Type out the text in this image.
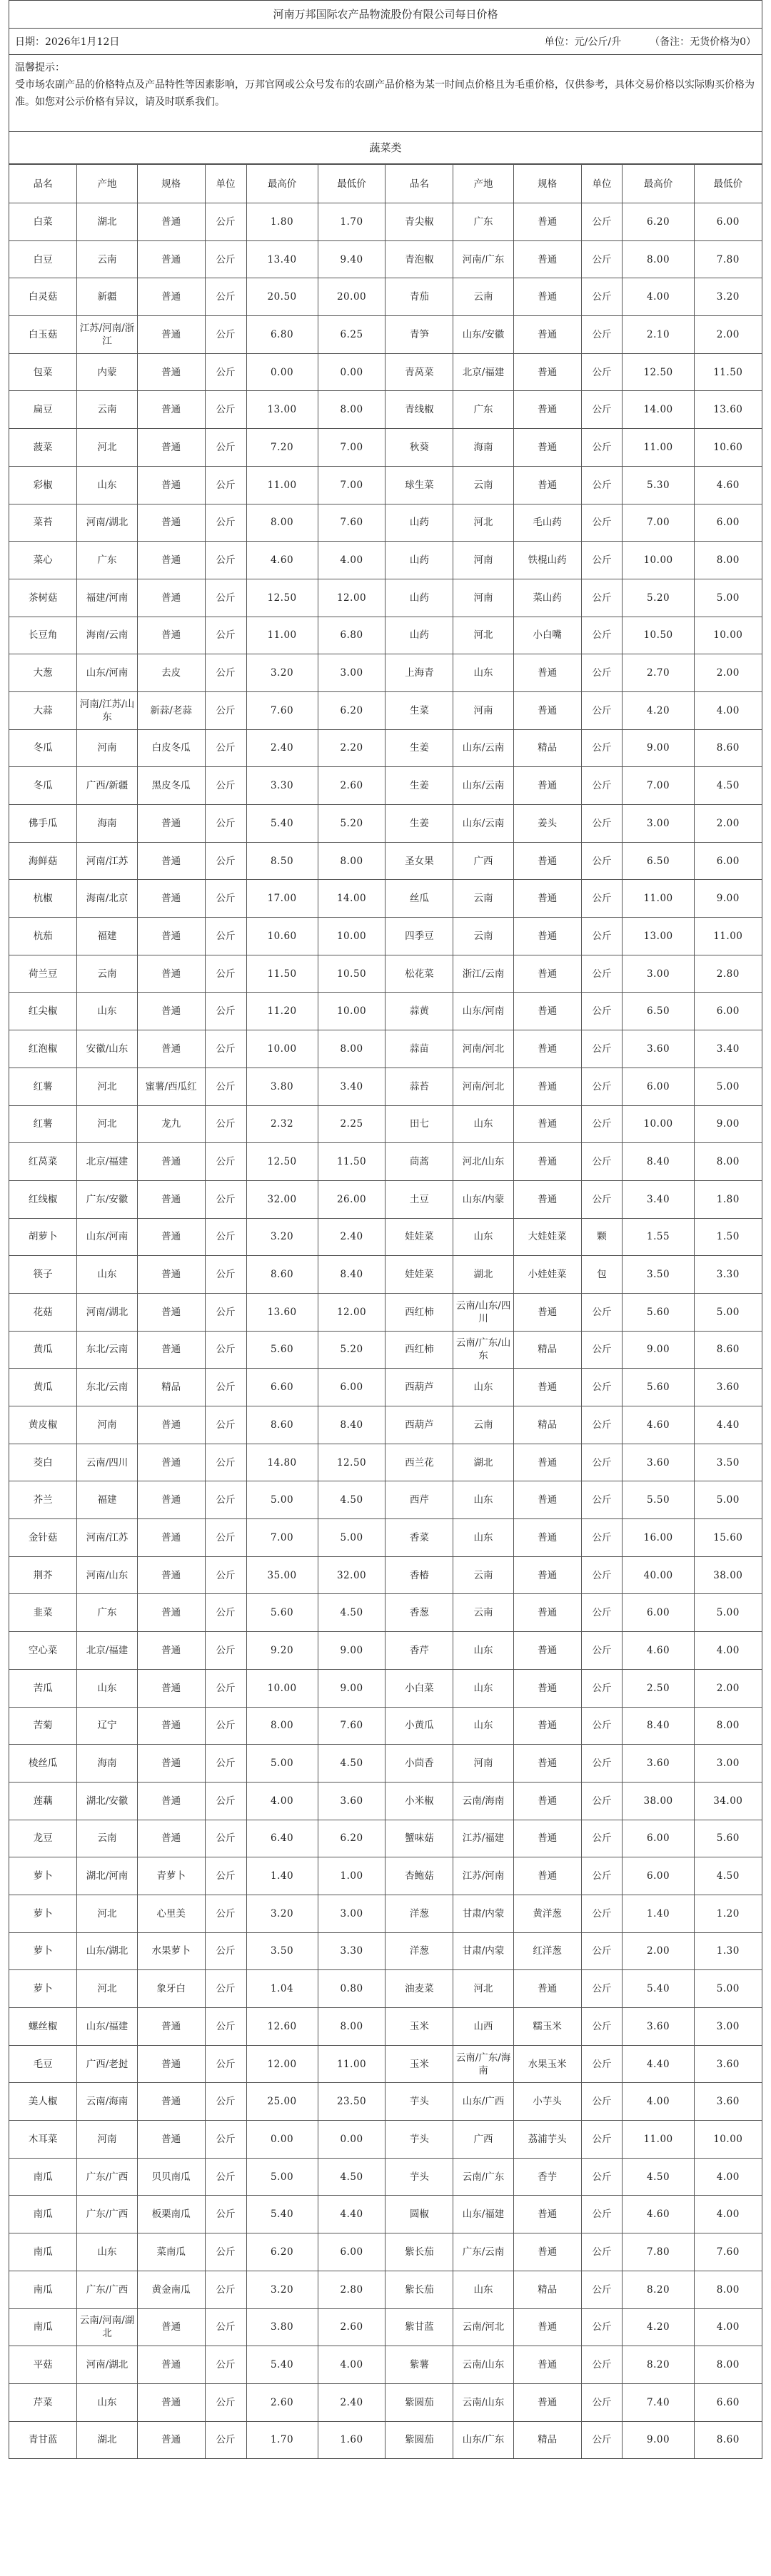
河南万邦国际农产品物流股份有限公司每日价格
日期：2026年1月12日	单位：元/公斤/升	（备注：无货价格为0）
温馨提示：
受市场农副产品的价格特点及产品特性等因素影响，万邦官网或公众号发布的农副产品价格为某一时间点价格且为毛重价格，仅供参考，具体交易价格以实际购买价格为准。如您对公示价格有异议，请及时联系我们。
蔬菜类
品名	产地	规格	单位	最高价	最低价	品名	产地	规格	单位	最高价	最低价
白菜	湖北	普通	公斤	1.80	1.70	青尖椒	广东	普通	公斤	6.20	6.00
白豆	云南	普通	公斤	13.40	9.40	青泡椒	河南/广东	普通	公斤	8.00	7.80
白灵菇	新疆	普通	公斤	20.50	20.00	青茄	云南	普通	公斤	4.00	3.20
白玉菇	江苏/河南/浙江	普通	公斤	6.80	6.25	青笋	山东/安徽	普通	公斤	2.10	2.00
包菜	内蒙	普通	公斤	0.00	0.00	青莴菜	北京/福建	普通	公斤	12.50	11.50
扁豆	云南	普通	公斤	13.00	8.00	青线椒	广东	普通	公斤	14.00	13.60
菠菜	河北	普通	公斤	7.20	7.00	秋葵	海南	普通	公斤	11.00	10.60
彩椒	山东	普通	公斤	11.00	7.00	球生菜	云南	普通	公斤	5.30	4.60
菜苔	河南/湖北	普通	公斤	8.00	7.60	山药	河北	毛山药	公斤	7.00	6.00
菜心	广东	普通	公斤	4.60	4.00	山药	河南	铁棍山药	公斤	10.00	8.00
茶树菇	福建/河南	普通	公斤	12.50	12.00	山药	河南	菜山药	公斤	5.20	5.00
长豆角	海南/云南	普通	公斤	11.00	6.80	山药	河北	小白嘴	公斤	10.50	10.00
大葱	山东/河南	去皮	公斤	3.20	3.00	上海青	山东	普通	公斤	2.70	2.00
大蒜	河南/江苏/山东	新蒜/老蒜	公斤	7.60	6.20	生菜	河南	普通	公斤	4.20	4.00
冬瓜	河南	白皮冬瓜	公斤	2.40	2.20	生姜	山东/云南	精品	公斤	9.00	8.60
冬瓜	广西/新疆	黑皮冬瓜	公斤	3.30	2.60	生姜	山东/云南	普通	公斤	7.00	4.50
佛手瓜	海南	普通	公斤	5.40	5.20	生姜	山东/云南	姜头	公斤	3.00	2.00
海鲜菇	河南/江苏	普通	公斤	8.50	8.00	圣女果	广西	普通	公斤	6.50	6.00
杭椒	海南/北京	普通	公斤	17.00	14.00	丝瓜	云南	普通	公斤	11.00	9.00
杭茄	福建	普通	公斤	10.60	10.00	四季豆	云南	普通	公斤	13.00	11.00
荷兰豆	云南	普通	公斤	11.50	10.50	松花菜	浙江/云南	普通	公斤	3.00	2.80
红尖椒	山东	普通	公斤	11.20	10.00	蒜黄	山东/河南	普通	公斤	6.50	6.00
红泡椒	安徽/山东	普通	公斤	10.00	8.00	蒜苗	河南/河北	普通	公斤	3.60	3.40
红薯	河北	蜜薯/西瓜红	公斤	3.80	3.40	蒜苔	河南/河北	普通	公斤	6.00	5.00
红薯	河北	龙九	公斤	2.32	2.25	田七	山东	普通	公斤	10.00	9.00
红莴菜	北京/福建	普通	公斤	12.50	11.50	茼蒿	河北/山东	普通	公斤	8.40	8.00
红线椒	广东/安徽	普通	公斤	32.00	26.00	土豆	山东/内蒙	普通	公斤	3.40	1.80
胡萝卜	山东/河南	普通	公斤	3.20	2.40	娃娃菜	山东	大娃娃菜	颗	1.55	1.50
筷子	山东	普通	公斤	8.60	8.40	娃娃菜	湖北	小娃娃菜	包	3.50	3.30
花菇	河南/湖北	普通	公斤	13.60	12.00	西红柿	云南/山东/四川	普通	公斤	5.60	5.00
黄瓜	东北/云南	普通	公斤	5.60	5.20	西红柿	云南/广东/山东	精品	公斤	9.00	8.60
黄瓜	东北/云南	精品	公斤	6.60	6.00	西葫芦	山东	普通	公斤	5.60	3.60
黄皮椒	河南	普通	公斤	8.60	8.40	西葫芦	云南	精品	公斤	4.60	4.40
茭白	云南/四川	普通	公斤	14.80	12.50	西兰花	湖北	普通	公斤	3.60	3.50
芥兰	福建	普通	公斤	5.00	4.50	西芹	山东	普通	公斤	5.50	5.00
金针菇	河南/江苏	普通	公斤	7.00	5.00	香菜	山东	普通	公斤	16.00	15.60
荆芥	河南/山东	普通	公斤	35.00	32.00	香椿	云南	普通	公斤	40.00	38.00
韭菜	广东	普通	公斤	5.60	4.50	香葱	云南	普通	公斤	6.00	5.00
空心菜	北京/福建	普通	公斤	9.20	9.00	香芹	山东	普通	公斤	4.60	4.00
苦瓜	山东	普通	公斤	10.00	9.00	小白菜	山东	普通	公斤	2.50	2.00
苦菊	辽宁	普通	公斤	8.00	7.60	小黄瓜	山东	普通	公斤	8.40	8.00
棱丝瓜	海南	普通	公斤	5.00	4.50	小茴香	河南	普通	公斤	3.60	3.00
莲藕	湖北/安徽	普通	公斤	4.00	3.60	小米椒	云南/海南	普通	公斤	38.00	34.00
龙豆	云南	普通	公斤	6.40	6.20	蟹味菇	江苏/福建	普通	公斤	6.00	5.60
萝卜	湖北/河南	青萝卜	公斤	1.40	1.00	杏鲍菇	江苏/河南	普通	公斤	6.00	4.50
萝卜	河北	心里美	公斤	3.20	3.00	洋葱	甘肃/内蒙	黄洋葱	公斤	1.40	1.20
萝卜	山东/湖北	水果萝卜	公斤	3.50	3.30	洋葱	甘肃/内蒙	红洋葱	公斤	2.00	1.30
萝卜	河北	象牙白	公斤	1.04	0.80	油麦菜	河北	普通	公斤	5.40	5.00
螺丝椒	山东/福建	普通	公斤	12.60	8.00	玉米	山西	糯玉米	公斤	3.60	3.00
毛豆	广西/老挝	普通	公斤	12.00	11.00	玉米	云南/广东/海南	水果玉米	公斤	4.40	3.60
美人椒	云南/海南	普通	公斤	25.00	23.50	芋头	山东/广西	小芋头	公斤	4.00	3.60
木耳菜	河南	普通	公斤	0.00	0.00	芋头	广西	荔浦芋头	公斤	11.00	10.00
南瓜	广东/广西	贝贝南瓜	公斤	5.00	4.50	芋头	云南/广东	香芋	公斤	4.50	4.00
南瓜	广东/广西	板栗南瓜	公斤	5.40	4.40	圆椒	山东/福建	普通	公斤	4.60	4.00
南瓜	山东	菜南瓜	公斤	6.20	6.00	紫长茄	广东/云南	普通	公斤	7.80	7.60
南瓜	广东/广西	黄金南瓜	公斤	3.20	2.80	紫长茄	山东	精品	公斤	8.20	8.00
南瓜	云南/河南/湖北	普通	公斤	3.80	2.60	紫甘蓝	云南/河北	普通	公斤	4.20	4.00
平菇	河南/湖北	普通	公斤	5.40	4.00	紫薯	云南/山东	普通	公斤	8.20	8.00
芹菜	山东	普通	公斤	2.60	2.40	紫圆茄	云南/山东	普通	公斤	7.40	6.60
青甘蓝	湖北	普通	公斤	1.70	1.60	紫圆茄	山东/广东	精品	公斤	9.00	8.60
